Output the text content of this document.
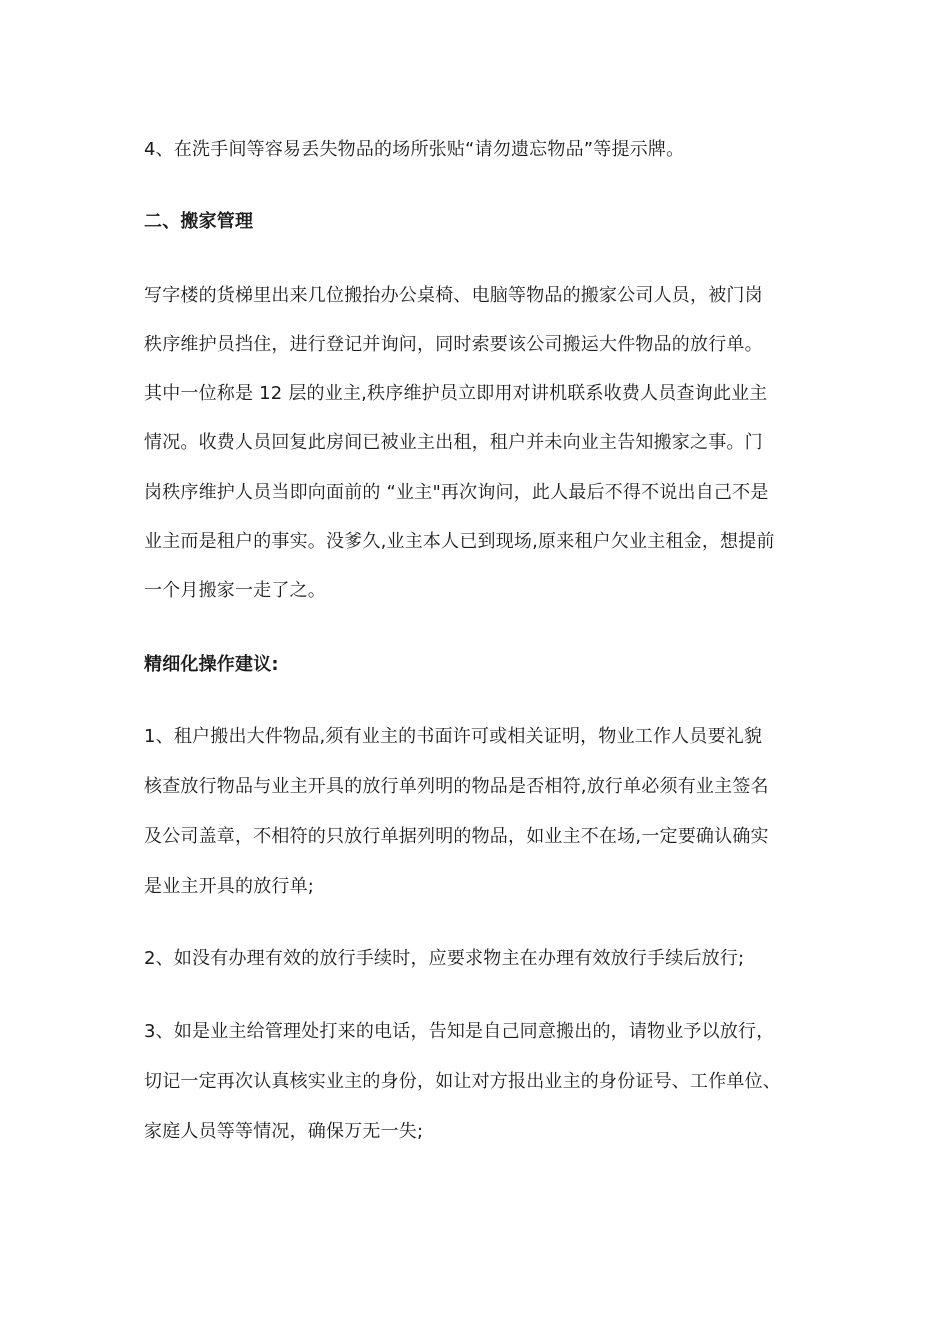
4、在洗手间等容易丢失物品的场所张贴“请勿遗忘物品”等提示牌。
二、搬家管理
写字楼的货梯里出来几位搬抬办公桌椅、电脑等物品的搬家公司人员，被门岗
秩序维护员挡住，进行登记并询问，同时索要该公司搬运大件物品的放行单。
其中一位称是 12 层的业主,秩序维护员立即用对讲机联系收费人员查询此业主
情况。收费人员回复此房间已被业主出租，租户并未向业主告知搬家之事。门
岗秩序维护人员当即向面前的 “业主"再次询问，此人最后不得不说出自己不是
业主而是租户的事实。没爹久,业主本人已到现场,原来租户欠业主租金，想提前
一个月搬家一走了之。
精细化操作建议:
1、租户搬出大件物品,须有业主的书面许可或相关证明，物业工作人员要礼貌
核查放行物品与业主开具的放行单列明的物品是否相符,放行单必须有业主签名
及公司盖章，不相符的只放行单据列明的物品，如业主不在场,一定要确认确实
是业主开具的放行单;
2、如没有办理有效的放行手续时，应要求物主在办理有效放行手续后放行;
3、如是业主给管理处打来的电话，告知是自己同意搬出的，请物业予以放行，
切记一定再次认真核实业主的身份，如让对方报出业主的身份证号、工作单位、
家庭人员等等情况，确保万无一失;
